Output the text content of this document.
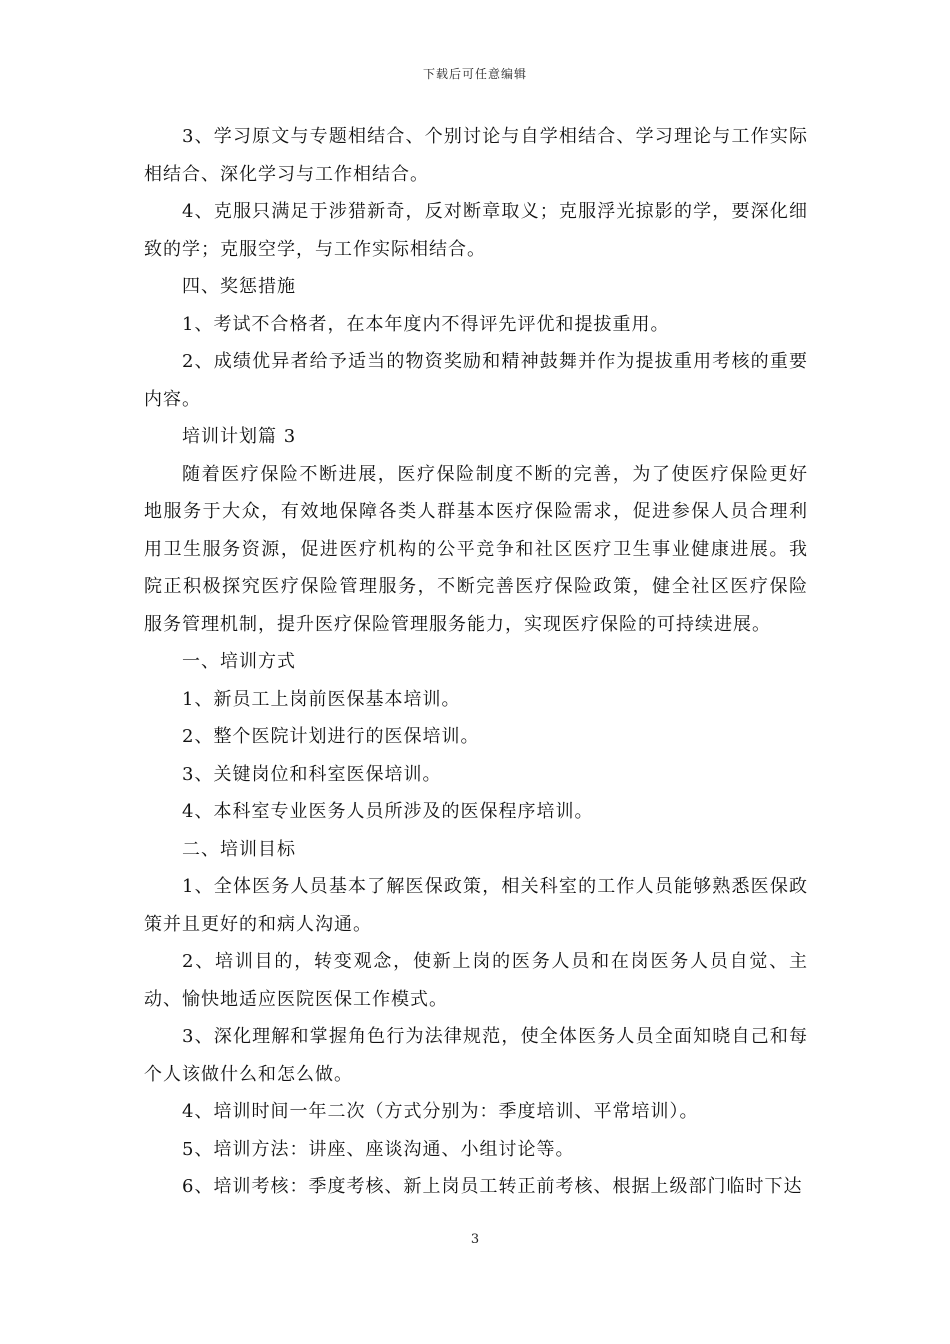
下载后可任意编辑

3、学习原文与专题相结合、个别讨论与自学相结合、学习理论与工作实际相结合、深化学习与工作相结合。

4、克服只满足于涉猎新奇，反对断章取义；克服浮光掠影的学，要深化细致的学；克服空学，与工作实际相结合。

四、奖惩措施

1、考试不合格者，在本年度内不得评先评优和提拔重用。

2、成绩优异者给予适当的物资奖励和精神鼓舞并作为提拔重用考核的重要内容。

培训计划篇 3

随着医疗保险不断进展，医疗保险制度不断的完善，为了使医疗保险更好地服务于大众，有效地保障各类人群基本医疗保险需求，促进参保人员合理利用卫生服务资源，促进医疗机构的公平竞争和社区医疗卫生事业健康进展。我院正积极探究医疗保险管理服务，不断完善医疗保险政策，健全社区医疗保险服务管理机制，提升医疗保险管理服务能力，实现医疗保险的可持续进展。

一、培训方式

1、新员工上岗前医保基本培训。

2、整个医院计划进行的医保培训。

3、关键岗位和科室医保培训。

4、本科室专业医务人员所涉及的医保程序培训。

二、培训目标

1、全体医务人员基本了解医保政策，相关科室的工作人员能够熟悉医保政策并且更好的和病人沟通。

2、培训目的，转变观念，使新上岗的医务人员和在岗医务人员自觉、主动、愉快地适应医院医保工作模式。

3、深化理解和掌握角色行为法律规范，使全体医务人员全面知晓自己和每个人该做什么和怎么做。

4、培训时间一年二次（方式分别为：季度培训、平常培训）。

5、培训方法：讲座、座谈沟通、小组讨论等。

6、培训考核：季度考核、新上岗员工转正前考核、根据上级部门临时下达

3
